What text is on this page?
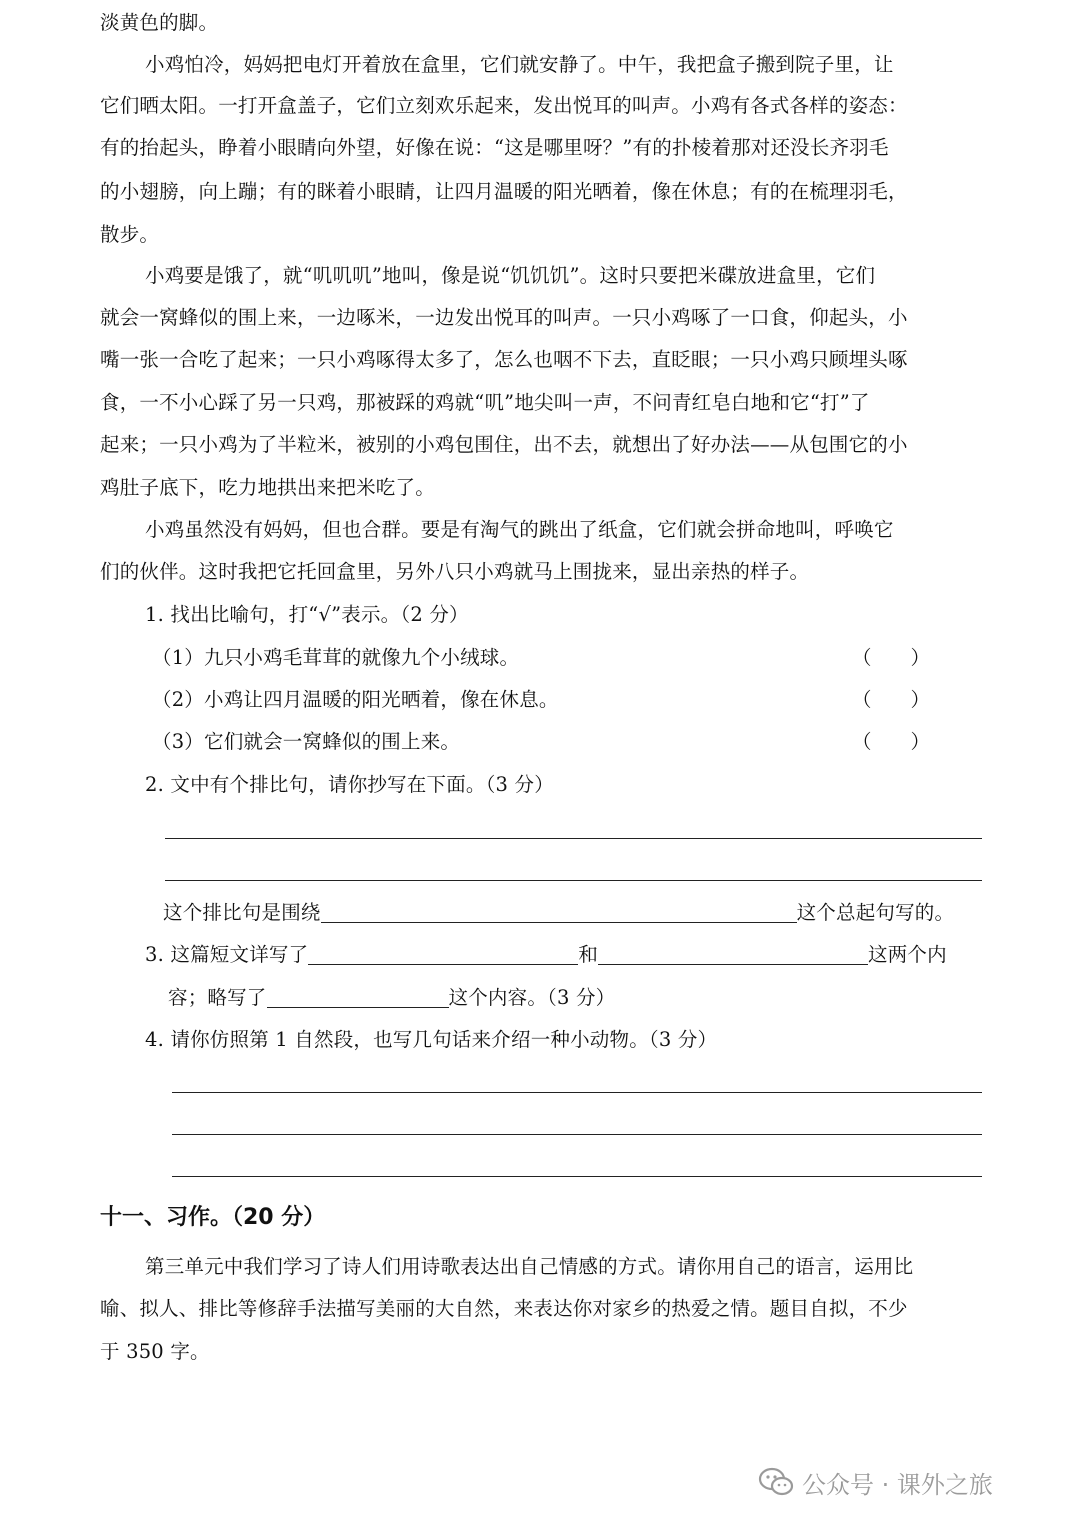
淡黄色的脚。
小鸡怕冷，妈妈把电灯开着放在盒里，它们就安静了。中午，我把盒子搬到院子里，让
它们晒太阳。一打开盒盖子，它们立刻欢乐起来，发出悦耳的叫声。小鸡有各式各样的姿态：
有的抬起头，睁着小眼睛向外望，好像在说：“这是哪里呀？”有的扑棱着那对还没长齐羽毛
的小翅膀，向上蹦；有的眯着小眼睛，让四月温暖的阳光晒着，像在休息；有的在梳理羽毛，
散步。
小鸡要是饿了，就“叽叽叽”地叫，像是说“饥饥饥”。这时只要把米碟放进盒里，它们
就会一窝蜂似的围上来，一边啄米，一边发出悦耳的叫声。一只小鸡啄了一口食，仰起头，小
嘴一张一合吃了起来；一只小鸡啄得太多了，怎么也咽不下去，直眨眼；一只小鸡只顾埋头啄
食，一不小心踩了另一只鸡，那被踩的鸡就“叽”地尖叫一声，不问青红皂白地和它“打”了
起来；一只小鸡为了半粒米，被别的小鸡包围住，出不去，就想出了好办法——从包围它的小
鸡肚子底下，吃力地拱出来把米吃了。
小鸡虽然没有妈妈，但也合群。要是有淘气的跳出了纸盒，它们就会拼命地叫，呼唤它
们的伙伴。这时我把它托回盒里，另外八只小鸡就马上围拢来，显出亲热的样子。
1. 找出比喻句，打“√”表示。（2 分）
（1）九只小鸡毛茸茸的就像九个小绒球。	（　　）
（2）小鸡让四月温暖的阳光晒着，像在休息。	（　　）
（3）它们就会一窝蜂似的围上来。	（　　）
2. 文中有个排比句，请你抄写在下面。（3 分）
这个排比句是围绕	这个总起句写的。
3. 这篇短文详写了	和	这两个内
容；略写了	这个内容。（3 分）
4. 请你仿照第 1 自然段，也写几句话来介绍一种小动物。（3 分）
十一、习作。（20 分）
第三单元中我们学习了诗人们用诗歌表达出自己情感的方式。请你用自己的语言，运用比
喻、拟人、排比等修辞手法描写美丽的大自然，来表达你对家乡的热爱之情。题目自拟，不少
于 350 字。
公众号 · 课外之旅
